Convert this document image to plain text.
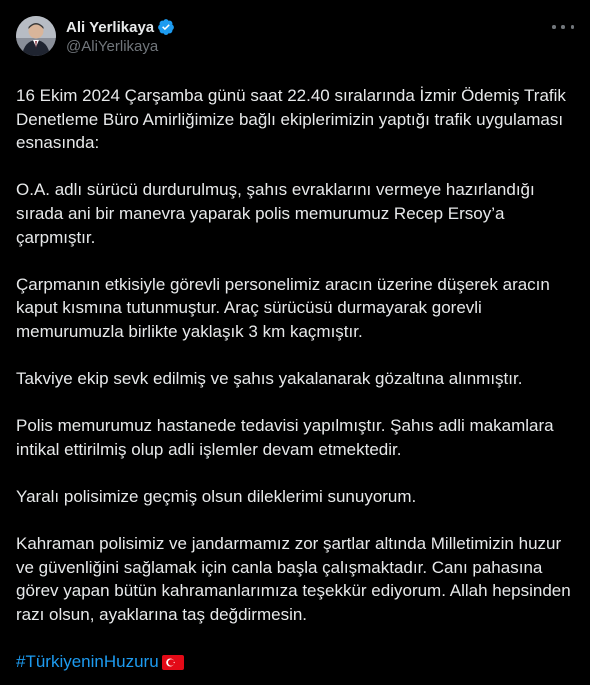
Ali Yerlikaya
@AliYerlikaya

16 Ekim 2024 Çarşamba günü saat 22.40 sıralarında İzmir Ödemiş Trafik Denetleme Büro Amirliğimize bağlı ekiplerimizin yaptığı trafik uygulaması esnasında:

O.A. adlı sürücü durdurulmuş, şahıs evraklarını vermeye hazırlandığı sırada ani bir manevra yaparak polis memurumuz Recep Ersoy’a çarpmıştır.

Çarpmanın etkisiyle görevli personelimiz aracın üzerine düşerek aracın kaput kısmına tutunmuştur. Araç sürücüsü durmayarak gorevli memurumuzla birlikte yaklaşık 3 km kaçmıştır.

Takviye ekip sevk edilmiş ve şahıs yakalanarak gözaltına alınmıştır.

Polis memurumuz hastanede tedavisi yapılmıştır. Şahıs adli makamlara intikal ettirilmiş olup adli işlemler devam etmektedir.

Yaralı polisimize geçmiş olsun dileklerimi sunuyorum.

Kahraman polisimiz ve jandarmamız zor şartlar altında Milletimizin huzur ve güvenliğini sağlamak için canla başla çalışmaktadır. Canı pahasına görev yapan bütün kahramanlarımıza teşekkür ediyorum. Allah hepsinden razı olsun, ayaklarına taş değdirmesin.

#TürkiyeninHuzuru
